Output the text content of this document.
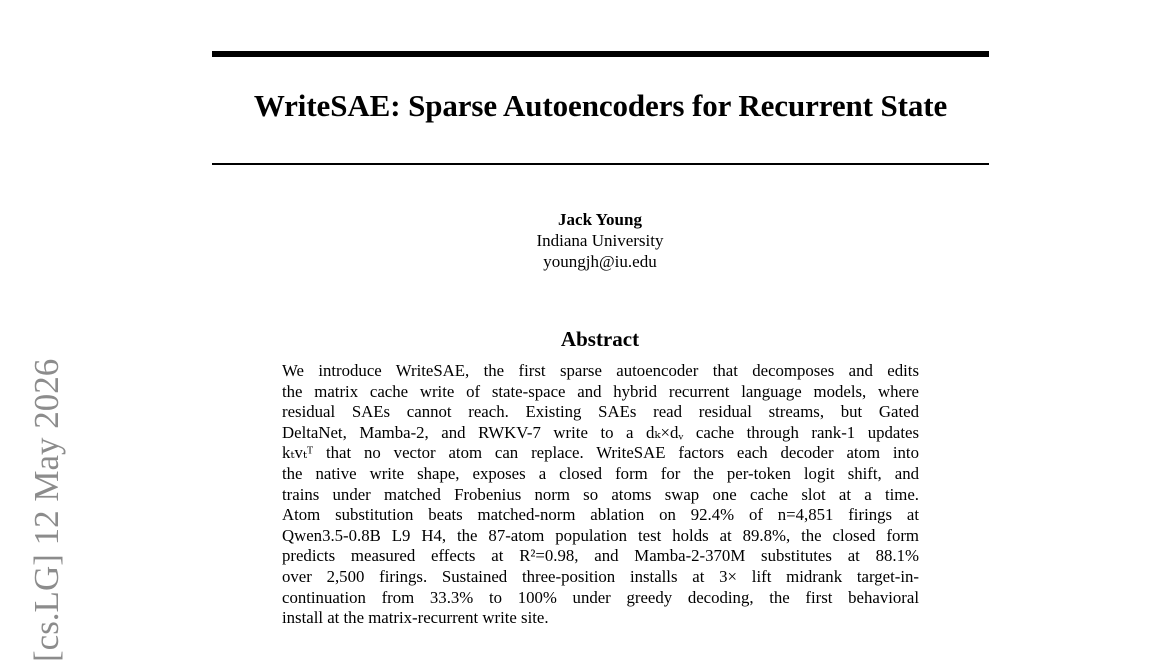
WriteSAE: Sparse Autoencoders for Recurrent State
Jack Young
Indiana University
youngjh@iu.edu
Abstract
We introduce WriteSAE, the first sparse autoencoder that decomposes and edits
the matrix cache write of state-space and hybrid recurrent language models, where
residual SAEs cannot reach. Existing SAEs read residual streams, but Gated
DeltaNet, Mamba-2, and RWKV-7 write to a dₖ×dᵥ cache through rank-1 updates
kₜvₜᵀ that no vector atom can replace. WriteSAE factors each decoder atom into
the native write shape, exposes a closed form for the per-token logit shift, and
trains under matched Frobenius norm so atoms swap one cache slot at a time.
Atom substitution beats matched-norm ablation on 92.4% of n=4,851 firings at
Qwen3.5-0.8B L9 H4, the 87-atom population test holds at 89.8%, the closed form
predicts measured effects at R²=0.98, and Mamba-2-370M substitutes at 88.1%
over 2,500 firings. Sustained three-position installs at 3× lift midrank target-in-
continuation from 33.3% to 100% under greedy decoding, the first behavioral
install at the matrix-recurrent write site.
[cs.LG] 12 May 2026
